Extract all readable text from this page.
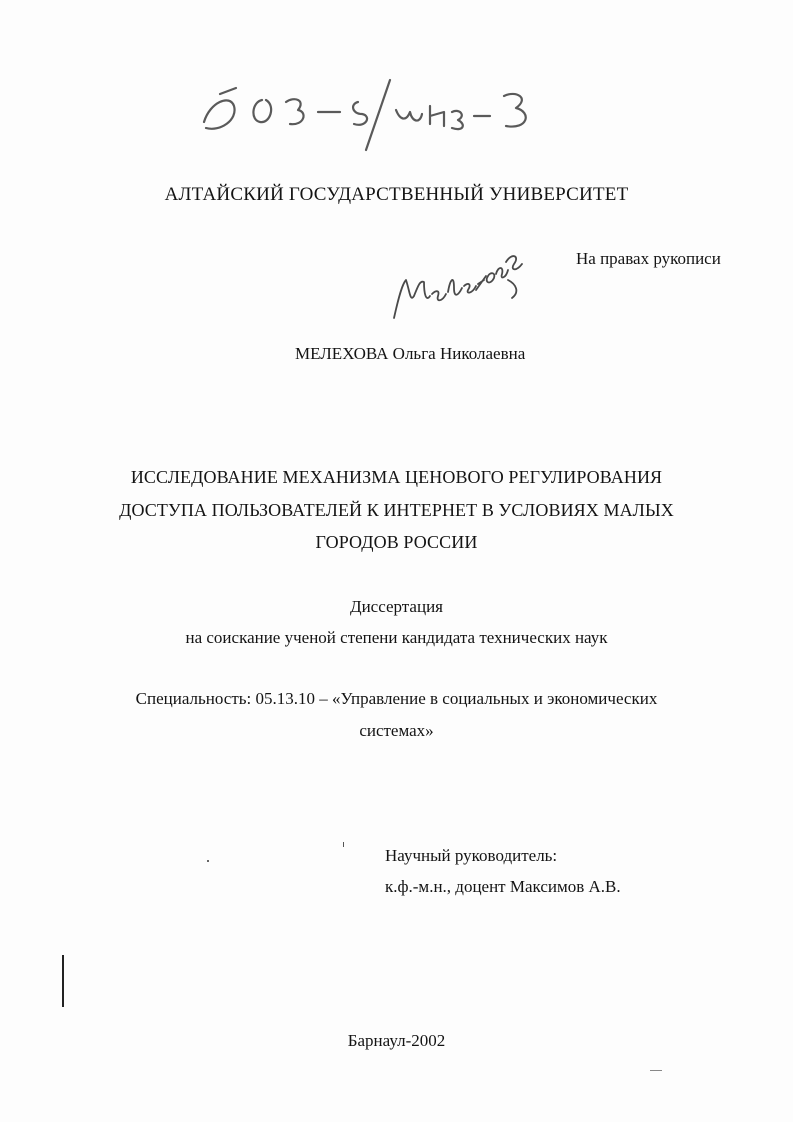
АЛТАЙСКИЙ ГОСУДАРСТВЕННЫЙ УНИВЕРСИТЕТ
На правах рукописи
МЕЛЕХОВА Ольга Николаевна
ИССЛЕДОВАНИЕ МЕХАНИЗМА ЦЕНОВОГО РЕГУЛИРОВАНИЯ
ДОСТУПА ПОЛЬЗОВАТЕЛЕЙ К ИНТЕРНЕТ В УСЛОВИЯХ МАЛЫХ
ГОРОДОВ РОССИИ
Диссертация
на соискание ученой степени кандидата технических наук
Специальность: 05.13.10 – «Управление в социальных и экономических
системах»
Научный руководитель:
к.ф.-м.н., доцент Максимов А.В.
Барнаул-2002
